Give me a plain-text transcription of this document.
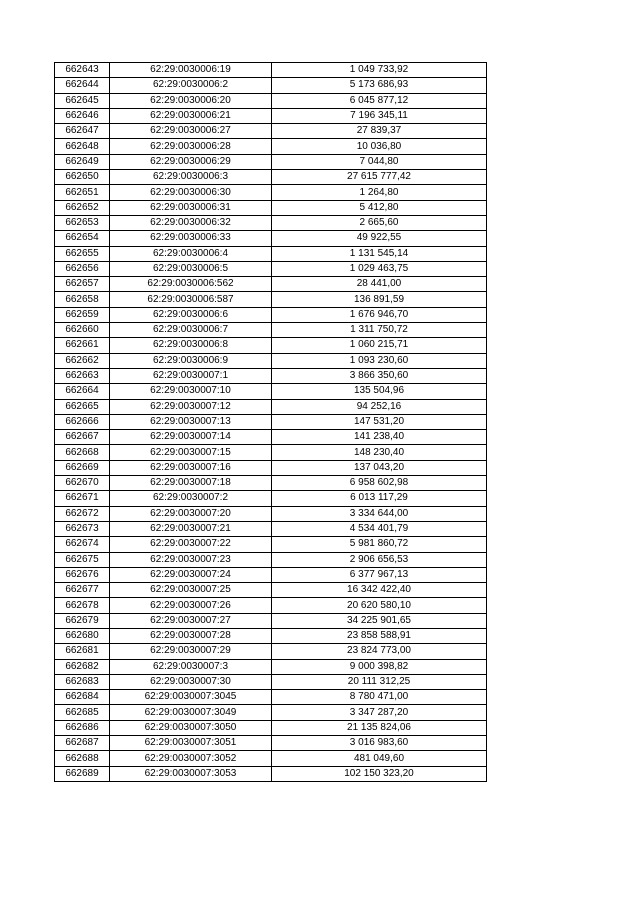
662643	62:29:0030006:19	1 049 733,92
662644	62:29:0030006:2	5 173 686,93
662645	62:29:0030006:20	6 045 877,12
662646	62:29:0030006:21	7 196 345,11
662647	62:29:0030006:27	27 839,37
662648	62:29:0030006:28	10 036,80
662649	62:29:0030006:29	7 044,80
662650	62:29:0030006:3	27 615 777,42
662651	62:29:0030006:30	1 264,80
662652	62:29:0030006:31	5 412,80
662653	62:29:0030006:32	2 665,60
662654	62:29:0030006:33	49 922,55
662655	62:29:0030006:4	1 131 545,14
662656	62:29:0030006:5	1 029 463,75
662657	62:29:0030006:562	28 441,00
662658	62:29:0030006:587	136 891,59
662659	62:29:0030006:6	1 676 946,70
662660	62:29:0030006:7	1 311 750,72
662661	62:29:0030006:8	1 060 215,71
662662	62:29:0030006:9	1 093 230,60
662663	62:29:0030007:1	3 866 350,60
662664	62:29:0030007:10	135 504,96
662665	62:29:0030007:12	94 252,16
662666	62:29:0030007:13	147 531,20
662667	62:29:0030007:14	141 238,40
662668	62:29:0030007:15	148 230,40
662669	62:29:0030007:16	137 043,20
662670	62:29:0030007:18	6 958 602,98
662671	62:29:0030007:2	6 013 117,29
662672	62:29:0030007:20	3 334 644,00
662673	62:29:0030007:21	4 534 401,79
662674	62:29:0030007:22	5 981 860,72
662675	62:29:0030007:23	2 906 656,53
662676	62:29:0030007:24	6 377 967,13
662677	62:29:0030007:25	16 342 422,40
662678	62:29:0030007:26	20 620 580,10
662679	62:29:0030007:27	34 225 901,65
662680	62:29:0030007:28	23 858 588,91
662681	62:29:0030007:29	23 824 773,00
662682	62:29:0030007:3	9 000 398,82
662683	62:29:0030007:30	20 111 312,25
662684	62:29:0030007:3045	8 780 471,00
662685	62:29:0030007:3049	3 347 287,20
662686	62:29:0030007:3050	21 135 824,06
662687	62:29:0030007:3051	3 016 983,60
662688	62:29:0030007:3052	481 049,60
662689	62:29:0030007:3053	102 150 323,20
